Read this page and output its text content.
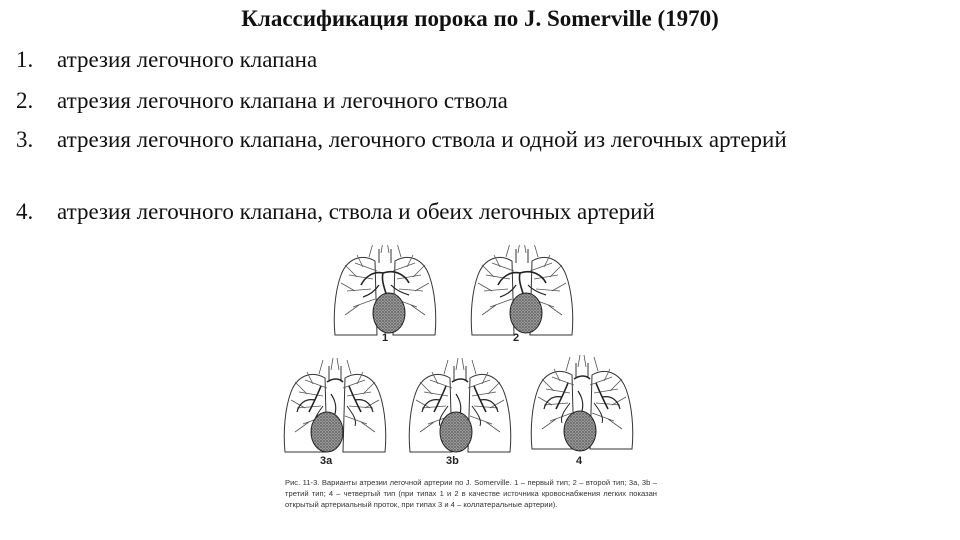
Классификация порока по J. Somerville (1970)
1. атрезия легочного клапана
2. атрезия легочного клапана и легочного ствола
3. атрезия легочного клапана, легочного ствола и одной из легочных артерий
4. атрезия легочного клапана, ствола и обеих легочных артерий
1	2
3a	3b	4
Рис. 11-3. Варианты атрезии легочной артерии по J. Somerville. 1 – первый тип; 2 – второй тип; 3a, 3b – третий тип; 4 – четвертый тип (при типах 1 и 2 в качестве источника кровоснабжения легких показан открытый артериальный проток, при типах 3 и 4 – коллатеральные артерии).
